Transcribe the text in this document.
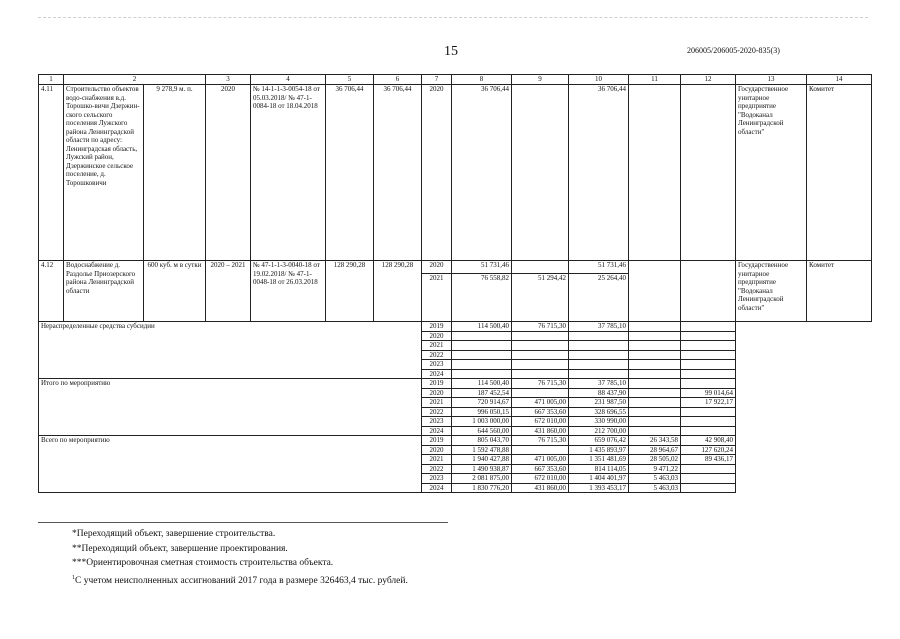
15	206005/206005-2020-835(3)
1	2		3	4	5	6	7	8	9	10	11	12	13	14
4.11	Строительство объектов водо-снабжения в.д. Торошко-вичи Дзержин-ского сельского поселения Лужского района Ленинградской области по адресу: Ленинградская область, Лужский район, Дзержинское сельское поселение, д. Торошковичи	9 278,9 м. п.	2020	№ 14-1-1-3-0054-18 от 05.03.2018/ № 47-1-0084-18 от 18.04.2018	36 706,44	36 706,44	2020	36 706,44		36 706,44			Государственное унитарное предприятие "Водоканал Ленинградской области"	Комитет
4.12	Водоснабжение д. Раздолье Приозерского района Ленинградской области	600 куб. м в сутки	2020 – 2021	№ 47-1-1-3-0040-18 от 19.02.2018/ № 47-1-0048-18 от 26.03.2018	128 290,28	128 290,28	2020	51 731,46		51 731,46			Государственное унитарное предприятие "Водоканал Ленинградской области"	Комитет
							2021	76 558,82	51 294,42	25 264,40				
Нераспределенные средства субсидии							2019	114 500,40	76 715,30	37 785,10				
							2020							
							2021							
							2022							
							2023							
							2024							
Итого по мероприятию							2019	114 500,40	76 715,30	37 785,10				
							2020	187 452,54		88 437,90		99 014,64		
							2021	720 914,67	471 005,00	231 987,50		17 922,17		
							2022	996 050,15	667 353,60	328 696,55				
							2023	1 003 000,00	672 010,00	330 990,00				
							2024	644 560,00	431 860,00	212 700,00				
Всего по мероприятию							2019	805 043,70	76 715,30	659 076,42	26 343,58	42 908,40		
							2020	1 592 478,88		1 435 893,97	28 964,67	127 620,24		
							2021	1 940 427,88	471 005,00	1 351 481,69	28 505,02	89 436,17		
							2022	1 490 938,87	667 353,60	814 114,05	9 471,22			
							2023	2 081 875,00	672 010,00	1 404 401,97	5 463,03			
							2024	1 830 776,20	431 860,00	1 393 453,17	5 463,03			
*Переходящий объект, завершение строительства.
**Переходящий объект, завершение проектирования.
***Ориентировочная сметная стоимость строительства объекта.
$^1$С учетом неисполненных ассигнований 2017 года в размере 326463,4 тыс. рублей.
